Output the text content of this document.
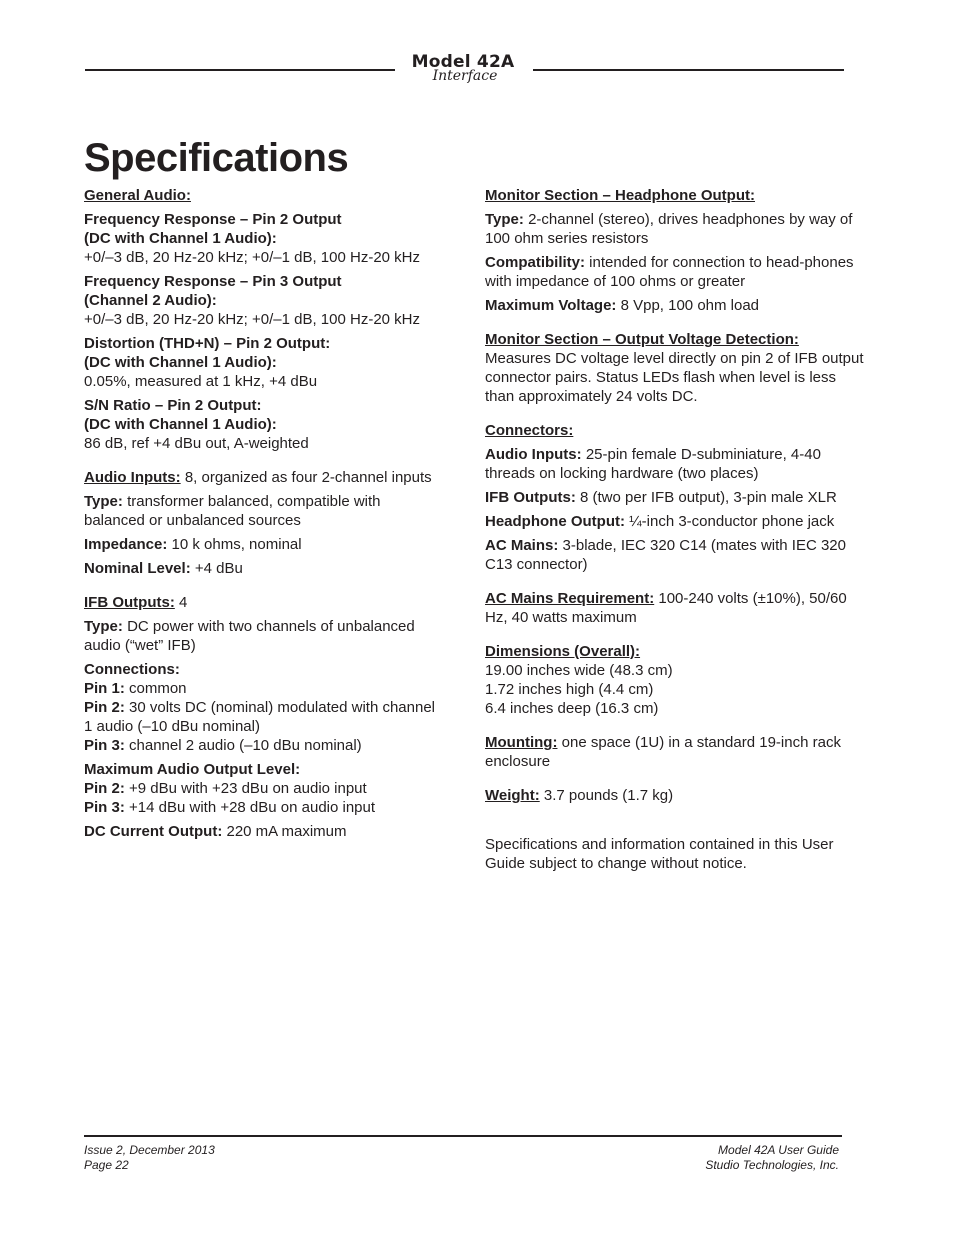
Model 42A
Interface
Specifications
General Audio:
Frequency Response – Pin 2 Output
(DC with Channel 1 Audio):
+0/–3 dB, 20 Hz-20 kHz; +0/–1 dB, 100 Hz-20 kHz
Frequency Response – Pin 3 Output
(Channel 2 Audio):
+0/–3 dB, 20 Hz-20 kHz; +0/–1 dB, 100 Hz-20 kHz
Distortion (THD+N) – Pin 2 Output:
(DC with Channel 1 Audio):
0.05%, measured at 1 kHz, +4 dBu
S/N Ratio – Pin 2 Output:
(DC with Channel 1 Audio):
86 dB, ref +4 dBu out, A-weighted
Audio Inputs: 8, organized as four 2-channel inputs
Type: transformer balanced, compatible with balanced or unbalanced sources
Impedance: 10 k ohms, nominal
Nominal Level: +4 dBu
IFB Outputs: 4
Type: DC power with two channels of unbalanced audio (“wet” IFB)
Connections:
Pin 1: common
Pin 2: 30 volts DC (nominal) modulated with channel 1 audio (–10 dBu nominal)
Pin 3: channel 2 audio (–10 dBu nominal)
Maximum Audio Output Level:
Pin 2: +9 dBu with +23 dBu on audio input
Pin 3: +14 dBu with +28 dBu on audio input
DC Current Output: 220 mA maximum
Monitor Section – Headphone Output:
Type: 2-channel (stereo), drives headphones by way of 100 ohm series resistors
Compatibility: intended for connection to head-phones with impedance of 100 ohms or greater
Maximum Voltage: 8 Vpp, 100 ohm load
Monitor Section – Output Voltage Detection:
Measures DC voltage level directly on pin 2 of IFB output connector pairs. Status LEDs flash when level is less than approximately 24 volts DC.
Connectors:
Audio Inputs: 25-pin female D-subminiature, 4-40 threads on locking hardware (two places)
IFB Outputs: 8 (two per IFB output), 3-pin male XLR
Headphone Output: ¼-inch 3-conductor phone jack
AC Mains: 3-blade, IEC 320 C14 (mates with IEC 320 C13 connector)
AC Mains Requirement: 100-240 volts (±10%), 50/60 Hz, 40 watts maximum
Dimensions (Overall):
19.00 inches wide (48.3 cm)
1.72 inches high (4.4 cm)
6.4 inches deep (16.3 cm)
Mounting: one space (1U) in a standard 19-inch rack enclosure
Weight: 3.7 pounds (1.7 kg)
Specifications and information contained in this User Guide subject to change without notice.
Issue 2, December 2013
Page 22
Model 42A User Guide
Studio Technologies, Inc.
